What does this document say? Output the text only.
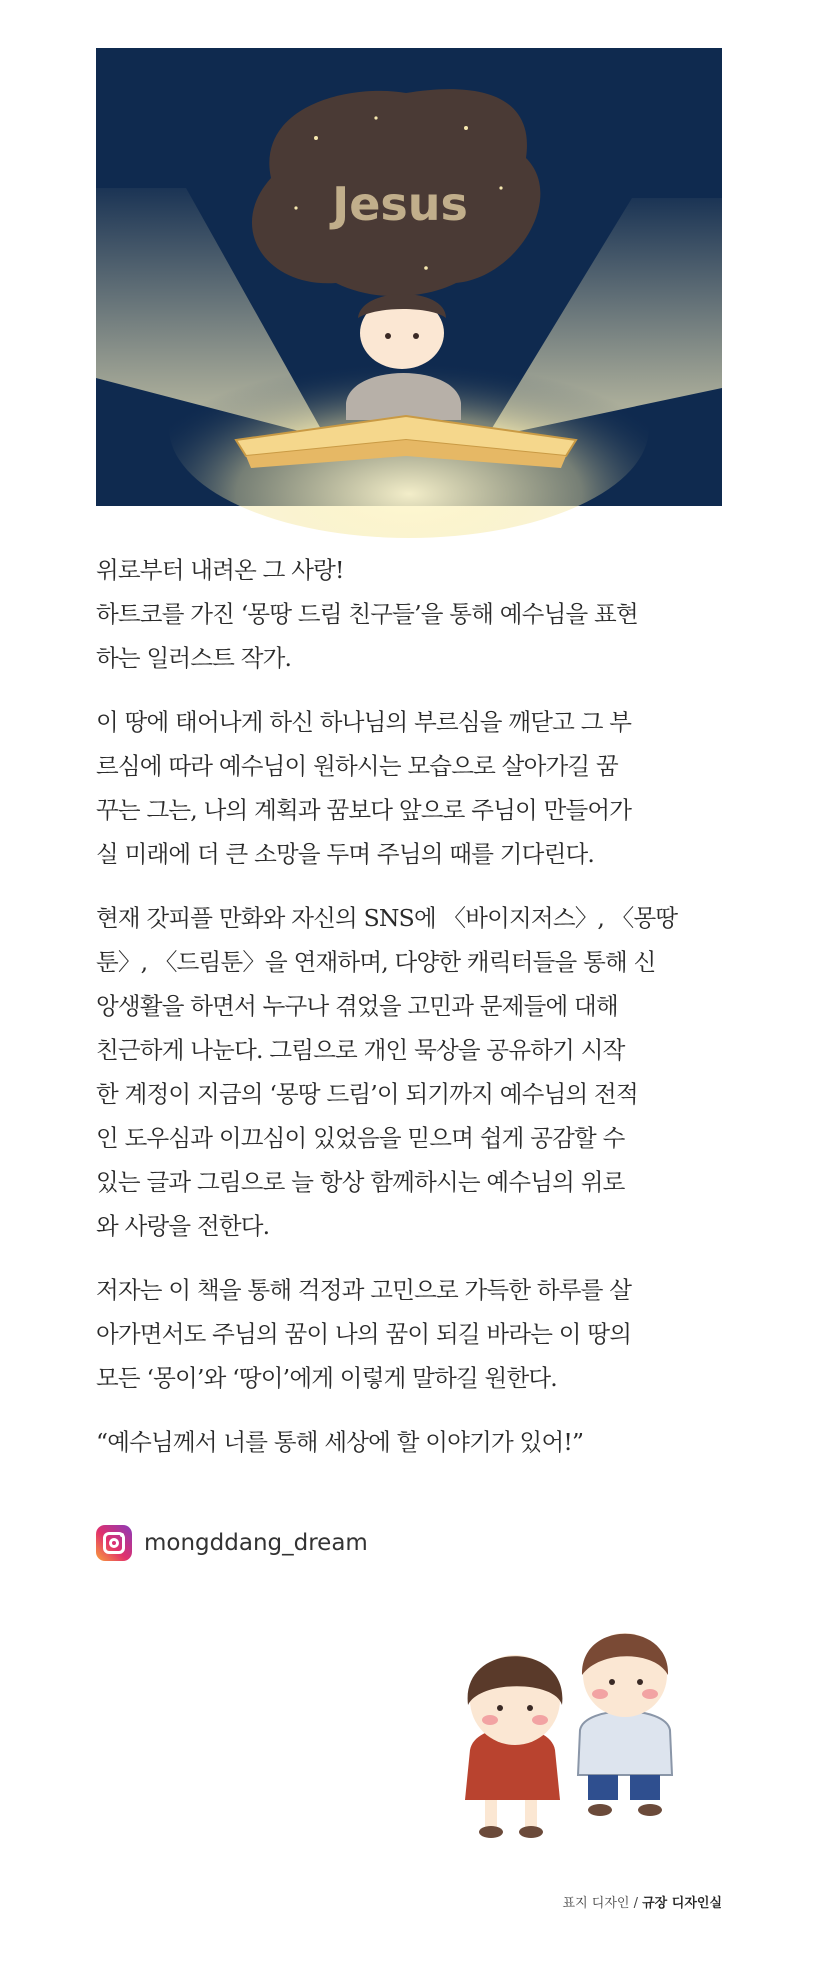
Jesus
굿
시
아
이
소
라

위로부터 내려온 그 사랑!
하트코를 가진 ‘몽땅 드림 친구들’을 통해 예수님을 표현
하는 일러스트 작가.

이 땅에 태어나게 하신 하나님의 부르심을 깨닫고 그 부
르심에 따라 예수님이 원하시는 모습으로 살아가길 꿈
꾸는 그는, 나의 계획과 꿈보다 앞으로 주님이 만들어가
실 미래에 더 큰 소망을 두며 주님의 때를 기다린다.

현재 갓피플 만화와 자신의 SNS에 〈바이지저스〉, 〈몽땅
툰〉, 〈드림툰〉을 연재하며, 다양한 캐릭터들을 통해 신
앙생활을 하면서 누구나 겪었을 고민과 문제들에 대해
친근하게 나눈다. 그림으로 개인 묵상을 공유하기 시작
한 계정이 지금의 ‘몽땅 드림’이 되기까지 예수님의 전적
인 도우심과 이끄심이 있었음을 믿으며 쉽게 공감할 수
있는 글과 그림으로 늘 항상 함께하시는 예수님의 위로
와 사랑을 전한다.

저자는 이 책을 통해 걱정과 고민으로 가득한 하루를 살
아가면서도 주님의 꿈이 나의 꿈이 되길 바라는 이 땅의
모든 ‘몽이’와 ‘땅이’에게 이렇게 말하길 원한다.

“예수님께서 너를 통해 세상에 할 이야기가 있어!”

mongddang_dream
표지 디자인 / 규장 디자인실
